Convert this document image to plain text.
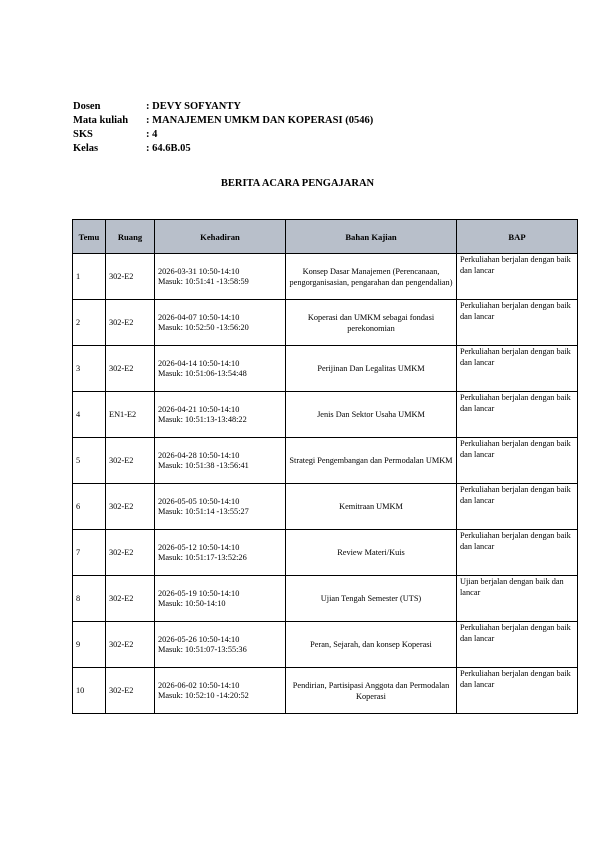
Dosen	: DEVY SOFYANTY
Mata kuliah	: MANAJEMEN UMKM DAN KOPERASI (0546)
SKS	: 4
Kelas	: 64.6B.05
BERITA ACARA PENGAJARAN
Temu	Ruang	Kehadiran	Bahan Kajian	BAP
1	302-E2	2026-03-31 10:50-14:10
Masuk: 10:51:41 -13:58:59	Konsep Dasar Manajemen (Perencanaan, pengorganisasian, pengarahan dan pengendalian)	Perkuliahan berjalan dengan baik dan lancar
2	302-E2	2026-04-07 10:50-14:10
Masuk: 10:52:50 -13:56:20	Koperasi dan UMKM sebagai fondasi perekonomian	Perkuliahan berjalan dengan baik dan lancar
3	302-E2	2026-04-14 10:50-14:10
Masuk: 10:51:06-13:54:48	Perijinan Dan Legalitas UMKM	Perkuliahan berjalan dengan baik dan lancar
4	EN1-E2	2026-04-21 10:50-14:10
Masuk: 10:51:13-13:48:22	Jenis Dan Sektor Usaha UMKM	Perkuliahan berjalan dengan baik dan lancar
5	302-E2	2026-04-28 10:50-14:10
Masuk: 10:51:38 -13:56:41	Strategi Pengembangan dan Permodalan UMKM	Perkuliahan berjalan dengan baik dan lancar
6	302-E2	2026-05-05 10:50-14:10
Masuk: 10:51:14 -13:55:27	Kemitraan UMKM	Perkuliahan berjalan dengan baik dan lancar
7	302-E2	2026-05-12 10:50-14:10
Masuk: 10:51:17-13:52:26	Review Materi/Kuis	Perkuliahan berjalan dengan baik dan lancar
8	302-E2	2026-05-19 10:50-14:10
Masuk: 10:50-14:10	Ujian Tengah Semester (UTS)	Ujian berjalan dengan baik dan lancar
9	302-E2	2026-05-26 10:50-14:10
Masuk: 10:51:07-13:55:36	Peran, Sejarah, dan konsep Koperasi	Perkuliahan berjalan dengan baik dan lancar
10	302-E2	2026-06-02 10:50-14:10
Masuk: 10:52:10 -14:20:52	Pendirian, Partisipasi Anggota dan Permodalan Koperasi	Perkuliahan berjalan dengan baik dan lancar
